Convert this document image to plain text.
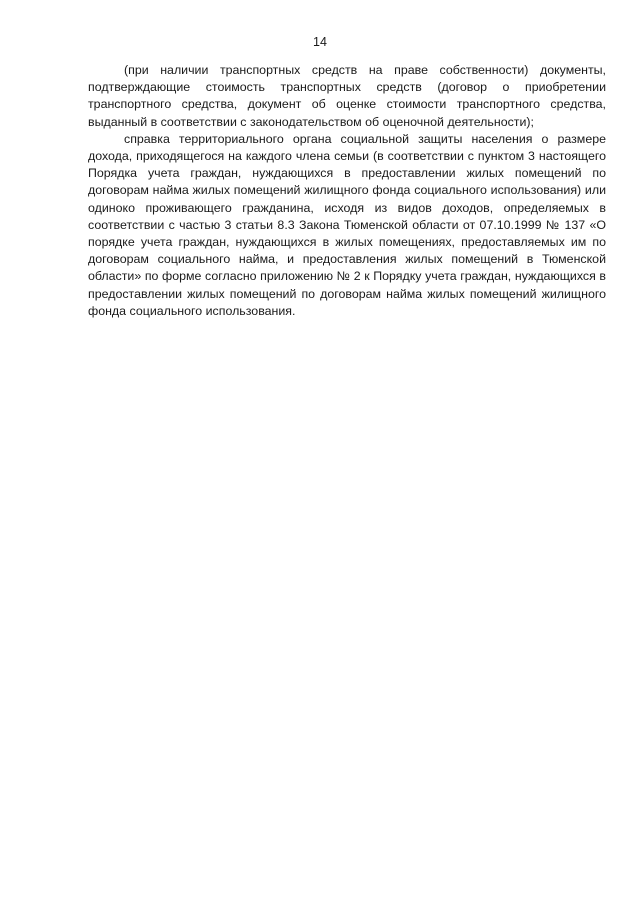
14

(при наличии транспортных средств на праве собственности) документы, подтверждающие стоимость транспортных средств (договор о приобретении транспортного средства, документ об оценке стоимости транспортного средства, выданный в соответствии с законодательством об оценочной деятельности);

справка территориального органа социальной защиты населения о размере дохода, приходящегося на каждого члена семьи (в соответствии с пунктом 3 настоящего Порядка учета граждан, нуждающихся в предоставлении жилых помещений по договорам найма жилых помещений жилищного фонда социального использования) или одиноко проживающего гражданина, исходя из видов доходов, определяемых в соответствии с частью 3 статьи 8.3 Закона Тюменской области от 07.10.1999 № 137 «О порядке учета граждан, нуждающихся в жилых помещениях, предоставляемых им по договорам социального найма, и предоставления жилых помещений в Тюменской области» по форме согласно приложению № 2 к Порядку учета граждан, нуждающихся в предоставлении жилых помещений по договорам найма жилых помещений жилищного фонда социального использования.
